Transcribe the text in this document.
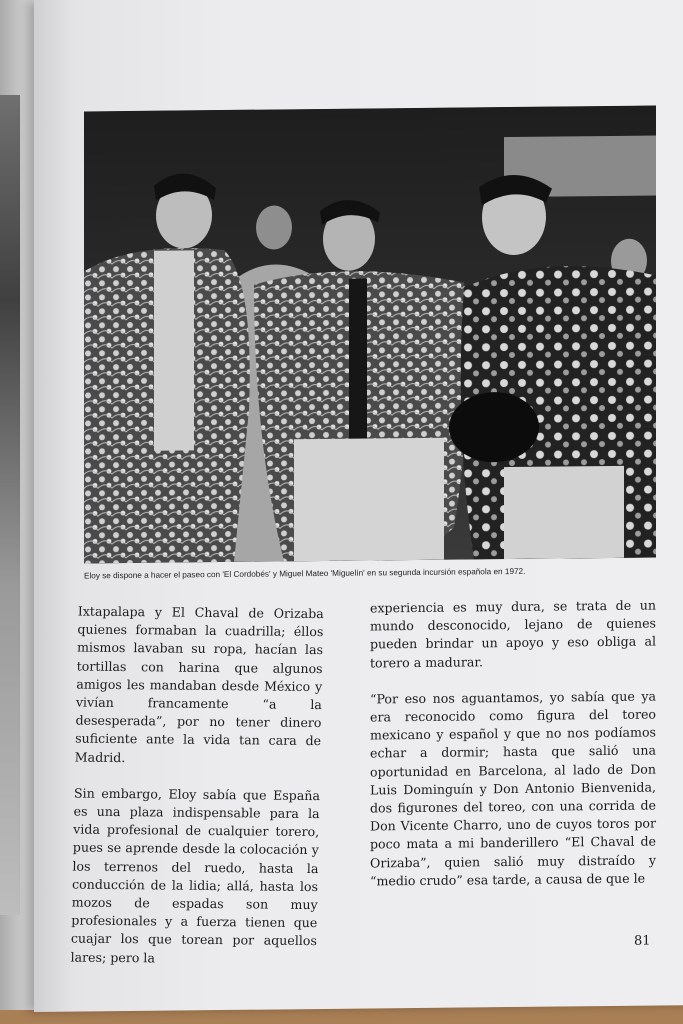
Eloy se dispone a hacer el paseo con 'El Cordobés' y Miguel Mateo 'Miguelín' en su segunda incursión española en 1972.

Ixtapalapa y El Chaval de Orizaba quienes formaban la cuadrilla; éllos mismos lavaban su ropa, hacían las tortillas con harina que algunos amigos les mandaban desde México y vivían francamente “a la desesperada”, por no tener dinero suficiente ante la vida tan cara de Madrid.

Sin embargo, Eloy sabía que España es una plaza indispensable para la vida profesional de cualquier torero, pues se aprende desde la colocación y los terrenos del ruedo, hasta la conducción de la lidia; allá, hasta los mozos de espadas son muy profesionales y a fuerza tienen que cuajar los que torean por aquellos lares; pero la

experiencia es muy dura, se trata de un mundo desconocido, lejano de quienes pueden brindar un apoyo y eso obliga al torero a madurar.

“Por eso nos aguantamos, yo sabía que ya era reconocido como figura del toreo mexicano y español y que no nos podíamos echar a dormir; hasta que salió una oportunidad en Barcelona, al lado de Don Luis Dominguín y Don Antonio Bienvenida, dos figurones del toreo, con una corrida de Don Vicente Charro, uno de cuyos toros por poco mata a mi banderillero “El Chaval de Orizaba”, quien salió muy distraído y “medio crudo” esa tarde, a causa de que le

81
